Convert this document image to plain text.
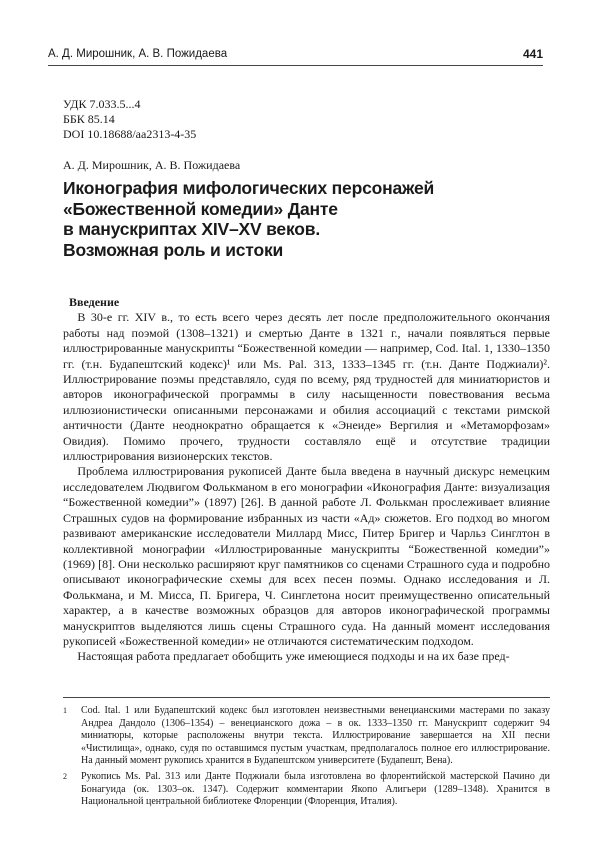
А. Д. Мирошник, А. В. Пожидаева	441
УДК 7.033.5...4
ББК 85.14
DOI 10.18688/aa2313-4-35
А. Д. Мирошник, А. В. Пожидаева
Иконография мифологических персонажей
«Божественной комедии» Данте
в манускриптах XIV–XV веков.
Возможная роль и истоки
Введение

В 30-е гг. XIV в., то есть всего через десять лет после предположительного окончания работы над поэмой (1308–1321) и смертью Данте в 1321 г., начали появляться первые иллюстрированные манускрипты “Божественной комедии — например, Cod. Ital. 1, 1330–1350 гг. (т.н. Будапештский кодекс)¹ или Ms. Pal. 313, 1333–1345 гг. (т.н. Данте Поджиали)². Иллюстрирование поэмы представляло, судя по всему, ряд трудностей для миниатюристов и авторов иконографической программы в силу насыщенности повествования весьма иллюзионистически описанными персонажами и обилия ассоциаций с текстами римской античности (Данте неоднократно обращается к «Энеиде» Вергилия и «Метаморфозам» Овидия). Помимо прочего, трудности составляло ещё и отсутствие традиции иллюстрирования визионерских текстов.

Проблема иллюстрирования рукописей Данте была введена в научный дискурс немецким исследователем Людвигом Фолькманом в его монографии «Иконография Данте: визуализация “Божественной комедии”» (1897) [26]. В данной работе Л. Фолькман прослеживает влияние Страшных судов на формирование избранных из части «Ад» сюжетов. Его подход во многом развивают американские исследователи Миллард Мисс, Питер Бригер и Чарльз Синглтон в коллективной монографии «Иллюстрированные манускрипты “Божественной комедии”» (1969) [8]. Они несколько расширяют круг памятников со сценами Страшного суда и подробно описывают иконографические схемы для всех песен поэмы. Однако исследования и Л. Фолькмана, и М. Мисса, П. Бригера, Ч. Синглетона носит преимущественно описательный характер, а в качестве возможных образцов для авторов иконографической программы манускриптов выделяются лишь сцены Страшного суда. На данный момент исследования рукописей «Божественной комедии» не отличаются систематическим подходом.

Настоящая работа предлагает обобщить уже имеющиеся подходы и на их базе пред-

1	Cod. Ital. 1 или Будапештский кодекс был изготовлен неизвестными венецианскими мастерами по заказу Андреа Дандоло (1306–1354) – венецианского дожа – в ок. 1333–1350 гг. Манускрипт содержит 94 миниатюры, которые расположены внутри текста. Иллюстрирование завершается на XII песни «Чистилища», однако, судя по оставшимся пустым участкам, предполагалось полное его иллюстрирование. На данный момент рукопись хранится в Будапештском университете (Будапешт, Вена).
2	Рукопись Ms. Pal. 313 или Данте Поджиали была изготовлена во флорентийской мастерской Пачино ди Бонагуида (ок. 1303–ок. 1347). Содержит комментарии Якопо Алигьери (1289–1348). Хранится в Национальной центральной библиотеке Флоренции (Флоренция, Италия).
